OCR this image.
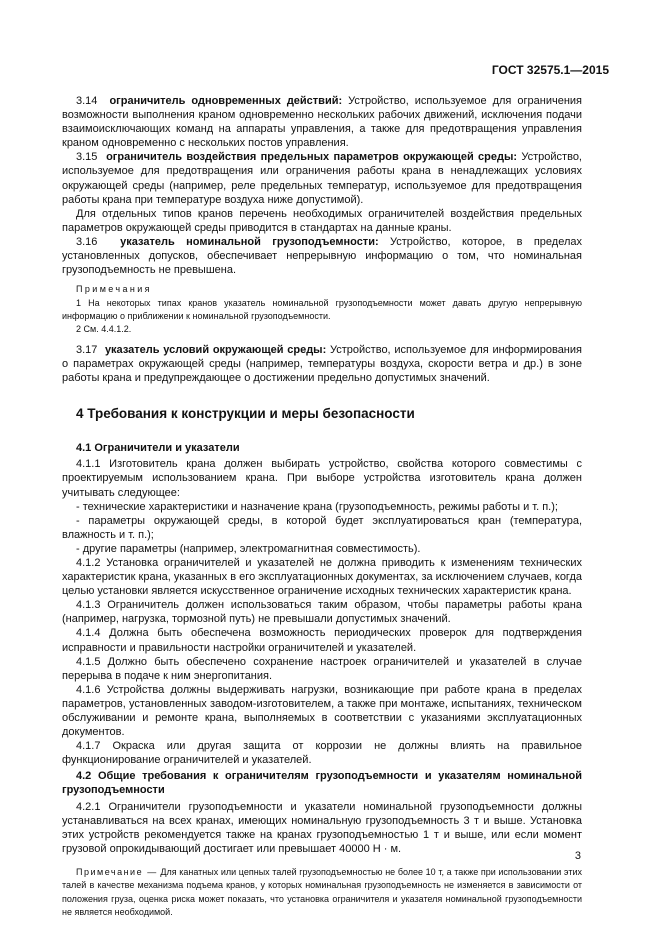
ГОСТ 32575.1—2015

3.14 ограничитель одновременных действий: Устройство, используемое для ограничения возможности выполнения краном одновременно нескольких рабочих движений, исключения подачи взаимоисключающих команд на аппараты управления, а также для предотвращения управления краном одновременно с нескольких постов управления.

3.15 ограничитель воздействия предельных параметров окружающей среды: Устройство, используемое для предотвращения или ограничения работы крана в ненадлежащих условиях окружающей среды (например, реле предельных температур, используемое для предотвращения работы крана при температуре воздуха ниже допустимой).

Для отдельных типов кранов перечень необходимых ограничителей воздействия предельных параметров окружающей среды приводится в стандартах на данные краны.

3.16 указатель номинальной грузоподъемности: Устройство, которое, в пределах установленных допусков, обеспечивает непрерывную информацию о том, что номинальная грузоподъемность не превышена.

Примечания

1 На некоторых типах кранов указатель номинальной грузоподъемности может давать другую непрерывную информацию о приближении к номинальной грузоподъемности.

2 См. 4.4.1.2.

3.17 указатель условий окружающей среды: Устройство, используемое для информирования о параметрах окружающей среды (например, температуры воздуха, скорости ветра и др.) в зоне работы крана и предупреждающее о достижении предельно допустимых значений.

4 Требования к конструкции и меры безопасности

4.1 Ограничители и указатели

4.1.1 Изготовитель крана должен выбирать устройство, свойства которого совместимы с проектируемым использованием крана. При выборе устройства изготовитель крана должен учитывать следующее:

- технические характеристики и назначение крана (грузоподъемность, режимы работы и т. п.);

- параметры окружающей среды, в которой будет эксплуатироваться кран (температура, влажность и т. п.);

- другие параметры (например, электромагнитная совместимость).

4.1.2 Установка ограничителей и указателей не должна приводить к изменениям технических характеристик крана, указанных в его эксплуатационных документах, за исключением случаев, когда целью установки является искусственное ограничение исходных технических характеристик крана.

4.1.3 Ограничитель должен использоваться таким образом, чтобы параметры работы крана (например, нагрузка, тормозной путь) не превышали допустимых значений.

4.1.4 Должна быть обеспечена возможность периодических проверок для подтверждения исправности и правильности настройки ограничителей и указателей.

4.1.5 Должно быть обеспечено сохранение настроек ограничителей и указателей в случае перерыва в подаче к ним энергопитания.

4.1.6 Устройства должны выдерживать нагрузки, возникающие при работе крана в пределах параметров, установленных заводом-изготовителем, а также при монтаже, испытаниях, техническом обслуживании и ремонте крана, выполняемых в соответствии с указаниями эксплуатационных документов.

4.1.7 Окраска или другая защита от коррозии не должны влиять на правильное функционирование ограничителей и указателей.

4.2 Общие требования к ограничителям грузоподъемности и указателям номинальной грузоподъемности

4.2.1 Ограничители грузоподъемности и указатели номинальной грузоподъемности должны устанавливаться на всех кранах, имеющих номинальную грузоподъемность 3 т и выше. Установка этих устройств рекомендуется также на кранах грузоподъемностью 1 т и выше, или если момент грузовой опрокидывающий достигает или превышает 40000 Н · м.

Примечание — Для канатных или цепных талей грузоподъемностью не более 10 т, а также при использовании этих талей в качестве механизма подъема кранов, у которых номинальная грузоподъемность не изменяется в зависимости от положения груза, оценка риска может показать, что установка ограничителя и указателя номинальной грузоподъемности не является необходимой.

3
